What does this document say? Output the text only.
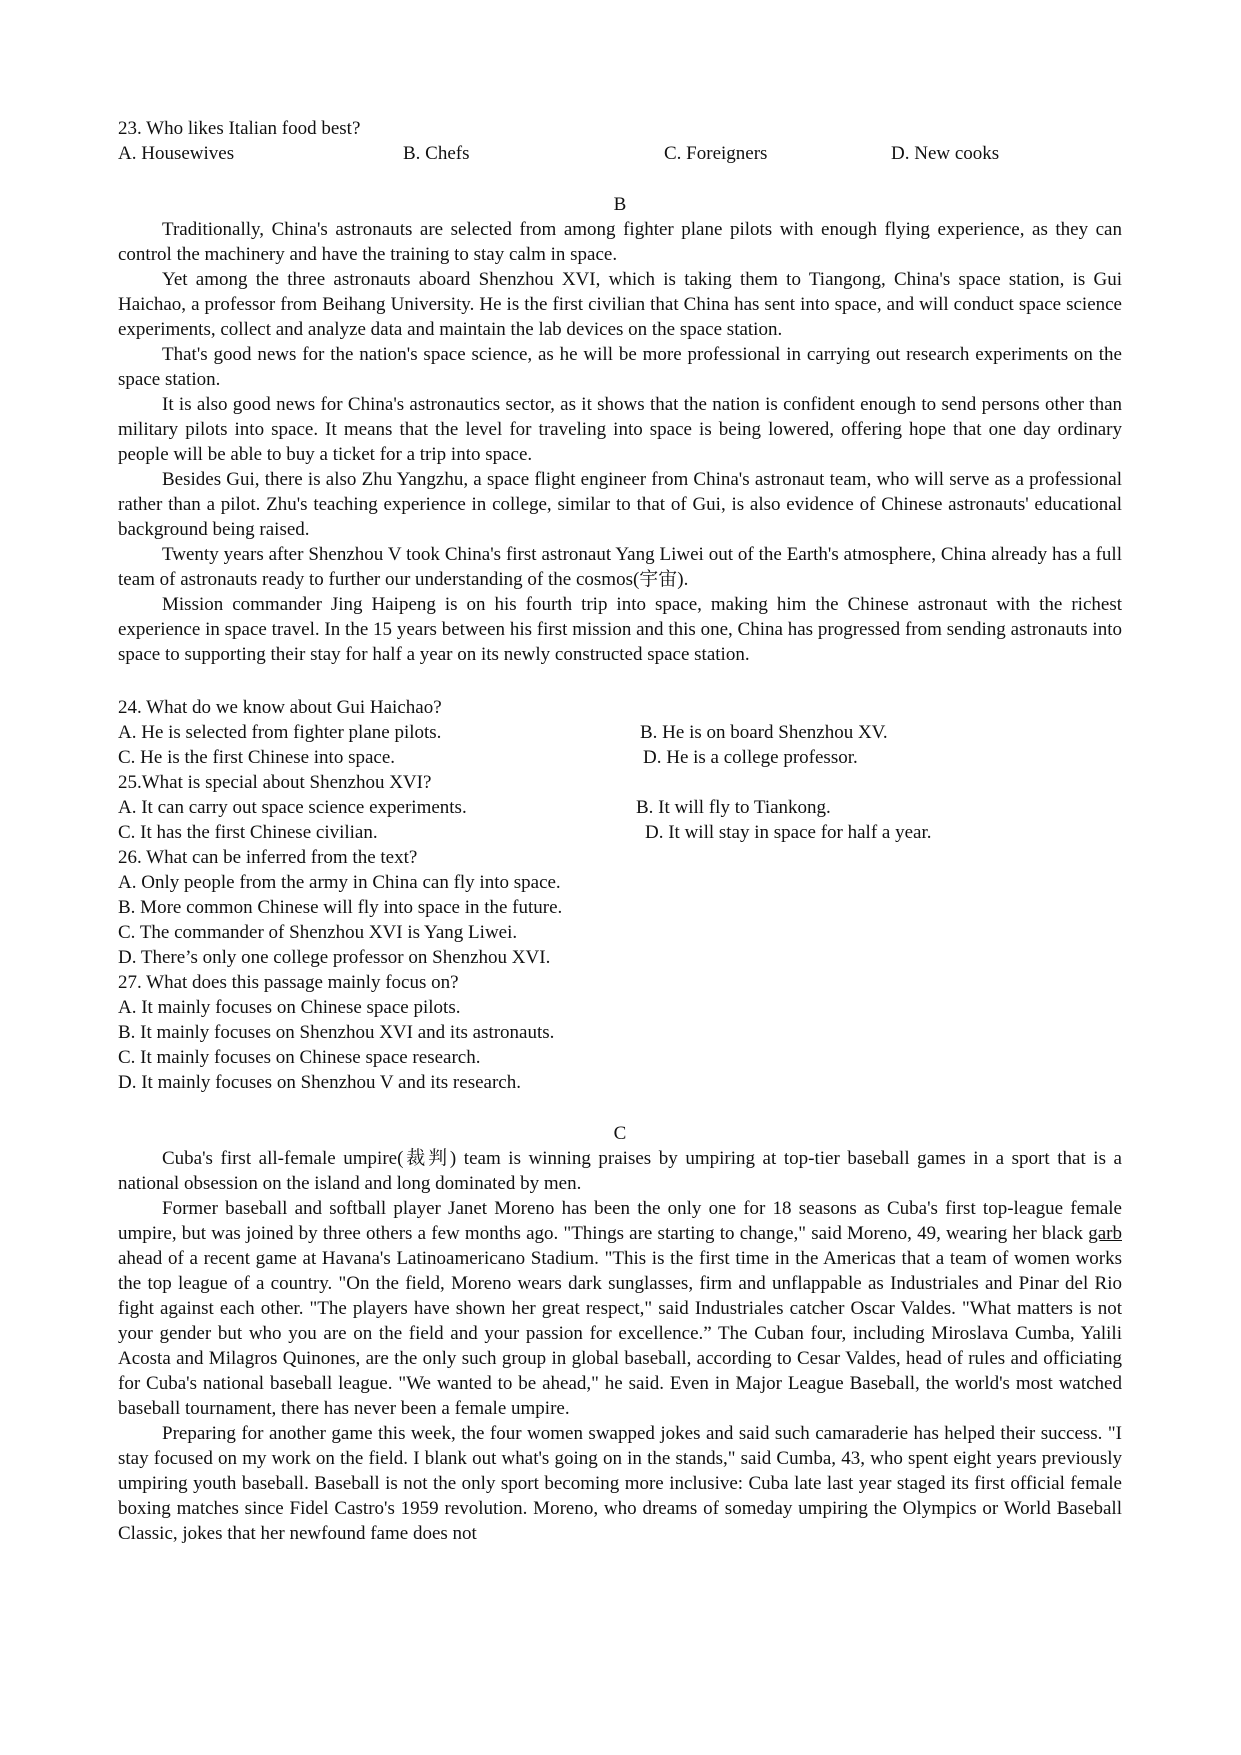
23. Who likes Italian food best?
A. Housewives	B. Chefs	C. Foreigners	D. New cooks
B
Traditionally, China's astronauts are selected from among fighter plane pilots with enough flying experience, as they can control the machinery and have the training to stay calm in space.
Yet among the three astronauts aboard Shenzhou XVI, which is taking them to Tiangong, China's space station, is Gui Haichao, a professor from Beihang University. He is the first civilian that China has sent into space, and will conduct space science experiments, collect and analyze data and maintain the lab devices on the space station.
That's good news for the nation's space science, as he will be more professional in carrying out research experiments on the space station.
It is also good news for China's astronautics sector, as it shows that the nation is confident enough to send persons other than military pilots into space. It means that the level for traveling into space is being lowered, offering hope that one day ordinary people will be able to buy a ticket for a trip into space.
Besides Gui, there is also Zhu Yangzhu, a space flight engineer from China's astronaut team, who will serve as a professional rather than a pilot. Zhu's teaching experience in college, similar to that of Gui, is also evidence of Chinese astronauts' educational background being raised.
Twenty years after Shenzhou V took China's first astronaut Yang Liwei out of the Earth's atmosphere, China already has a full team of astronauts ready to further our understanding of the cosmos(宇宙).
Mission commander Jing Haipeng is on his fourth trip into space, making him the Chinese astronaut with the richest experience in space travel. In the 15 years between his first mission and this one, China has progressed from sending astronauts into space to supporting their stay for half a year on its newly constructed space station.
24. What do we know about Gui Haichao?
A. He is selected from fighter plane pilots.	B. He is on board Shenzhou XV.
C. He is the first Chinese into space.	D. He is a college professor.
25.What is special about Shenzhou XVI?
A. It can carry out space science experiments.	B. It will fly to Tiankong.
C. It has the first Chinese civilian.	D. It will stay in space for half a year.
26. What can be inferred from the text?
A. Only people from the army in China can fly into space.
B. More common Chinese will fly into space in the future.
C. The commander of Shenzhou XVI is Yang Liwei.
D. There’s only one college professor on Shenzhou XVI.
27. What does this passage mainly focus on?
A. It mainly focuses on Chinese space pilots.
B. It mainly focuses on Shenzhou XVI and its astronauts.
C. It mainly focuses on Chinese space research.
D. It mainly focuses on Shenzhou V and its research.
C
Cuba's first all-female umpire(裁判) team is winning praises by umpiring at top-tier baseball games in a sport that is a national obsession on the island and long dominated by men.
Former baseball and softball player Janet Moreno has been the only one for 18 seasons as Cuba's first top-league female umpire, but was joined by three others a few months ago. "Things are starting to change," said Moreno, 49, wearing her black garb ahead of a recent game at Havana's Latinoamericano Stadium. "This is the first time in the Americas that a team of women works the top league of a country. "On the field, Moreno wears dark sunglasses, firm and unflappable as Industriales and Pinar del Rio fight against each other. "The players have shown her great respect," said Industriales catcher Oscar Valdes. "What matters is not your gender but who you are on the field and your passion for excellence.” The Cuban four, including Miroslava Cumba, Yalili Acosta and Milagros Quinones, are the only such group in global baseball, according to Cesar Valdes, head of rules and officiating for Cuba's national baseball league. "We wanted to be ahead," he said. Even in Major League Baseball, the world's most watched baseball tournament, there has never been a female umpire.
Preparing for another game this week, the four women swapped jokes and said such camaraderie has helped their success. "I stay focused on my work on the field. I blank out what's going on in the stands," said Cumba, 43, who spent eight years previously umpiring youth baseball. Baseball is not the only sport becoming more inclusive: Cuba late last year staged its first official female boxing matches since Fidel Castro's 1959 revolution. Moreno, who dreams of someday umpiring the Olympics or World Baseball Classic, jokes that her newfound fame does not
